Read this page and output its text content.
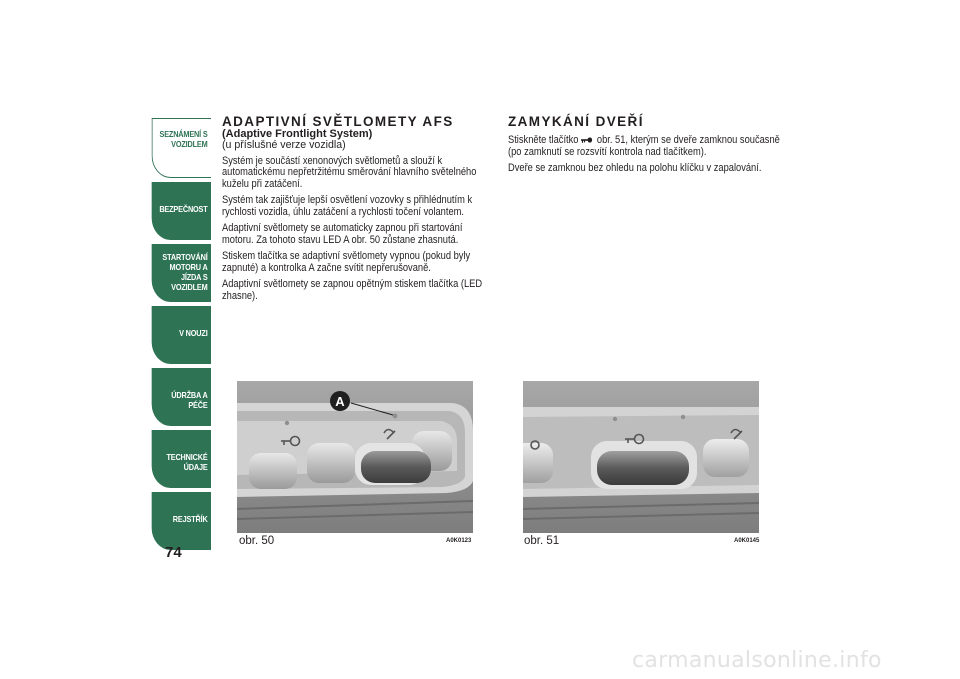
SEZNÁMENÍ S
VOZIDLEM
BEZPEČNOST
STARTOVÁNÍ
MOTORU A JÍZDA S
VOZIDLEM
V NOUZI
ÚDRŽBA A PÉČE
TECHNICKÉ ÚDAJE
REJSTŘÍK
74
ADAPTIVNÍ SVĚTLOMETY AFS

(Adaptive Frontlight System)

(u příslušné verze vozidla)

Systém je součástí xenonových světlometů a slouží k automatickému nepřetržitému směrování hlavního světelného kuželu při zatáčení.

Systém tak zajišťuje lepší osvětlení vozovky s přihlédnutím k rychlosti vozidla, úhlu zatáčení a rychlosti točení volantem.

Adaptivní světlomety se automaticky zapnou při startování motoru. Za tohoto stavu LED A obr. 50 zůstane zhasnutá.

Stiskem tlačítka se adaptivní světlomety vypnou (pokud byly zapnuté) a kontrolka A začne svítit nepřerušovaně.

Adaptivní světlomety se zapnou opětným stiskem tlačítka (LED zhasne).

ZAMYKÁNÍ DVEŘÍ

Stiskněte tlačítko obr. 51, kterým se dveře zamknou současně (po zamknutí se rozsvítí kontrola nad tlačítkem).

Dveře se zamknou bez ohledu na polohu klíčku v zapalování.

A
obr. 50	A0K0123	obr. 51	A0K0145
carmanualsonline.info
